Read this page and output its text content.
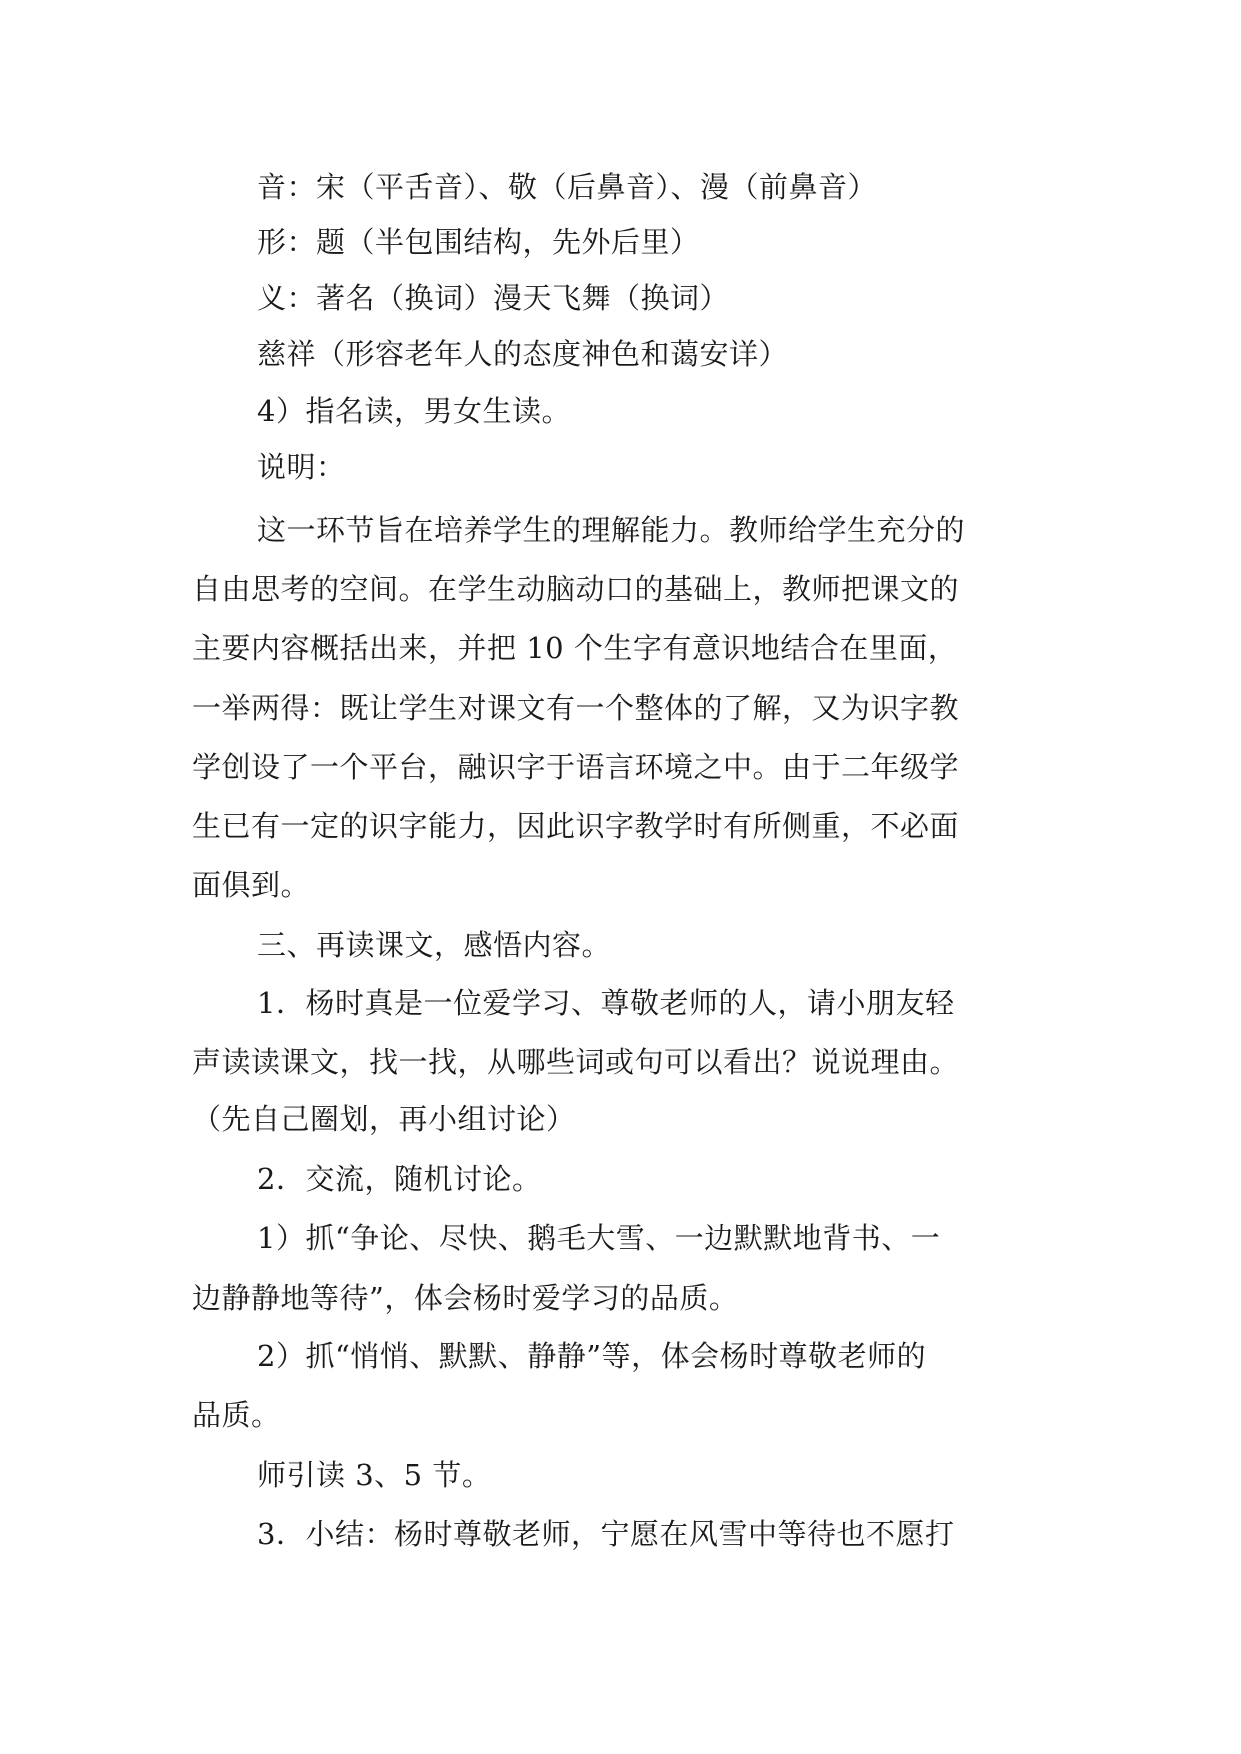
音：宋（平舌音）、敬（后鼻音）、漫（前鼻音）
形：题（半包围结构，先外后里）
义：著名（换词）漫天飞舞（换词）
慈祥（形容老年人的态度神色和蔼安详）
4）指名读，男女生读。
说明：
这一环节旨在培养学生的理解能力。教师给学生充分的
自由思考的空间。在学生动脑动口的基础上，教师把课文的
主要内容概括出来，并把 10 个生字有意识地结合在里面，
一举两得：既让学生对课文有一个整体的了解，又为识字教
学创设了一个平台，融识字于语言环境之中。由于二年级学
生已有一定的识字能力，因此识字教学时有所侧重，不必面
面俱到。
三、再读课文，感悟内容。
1．杨时真是一位爱学习、尊敬老师的人，请小朋友轻
声读读课文，找一找，从哪些词或句可以看出？说说理由。
（先自己圈划，再小组讨论）
2．交流，随机讨论。
1）抓“争论、尽快、鹅毛大雪、一边默默地背书、一
边静静地等待”，体会杨时爱学习的品质。
2）抓“悄悄、默默、静静”等，体会杨时尊敬老师的
品质。
师引读 3、5 节。
3．小结：杨时尊敬老师，宁愿在风雪中等待也不愿打
